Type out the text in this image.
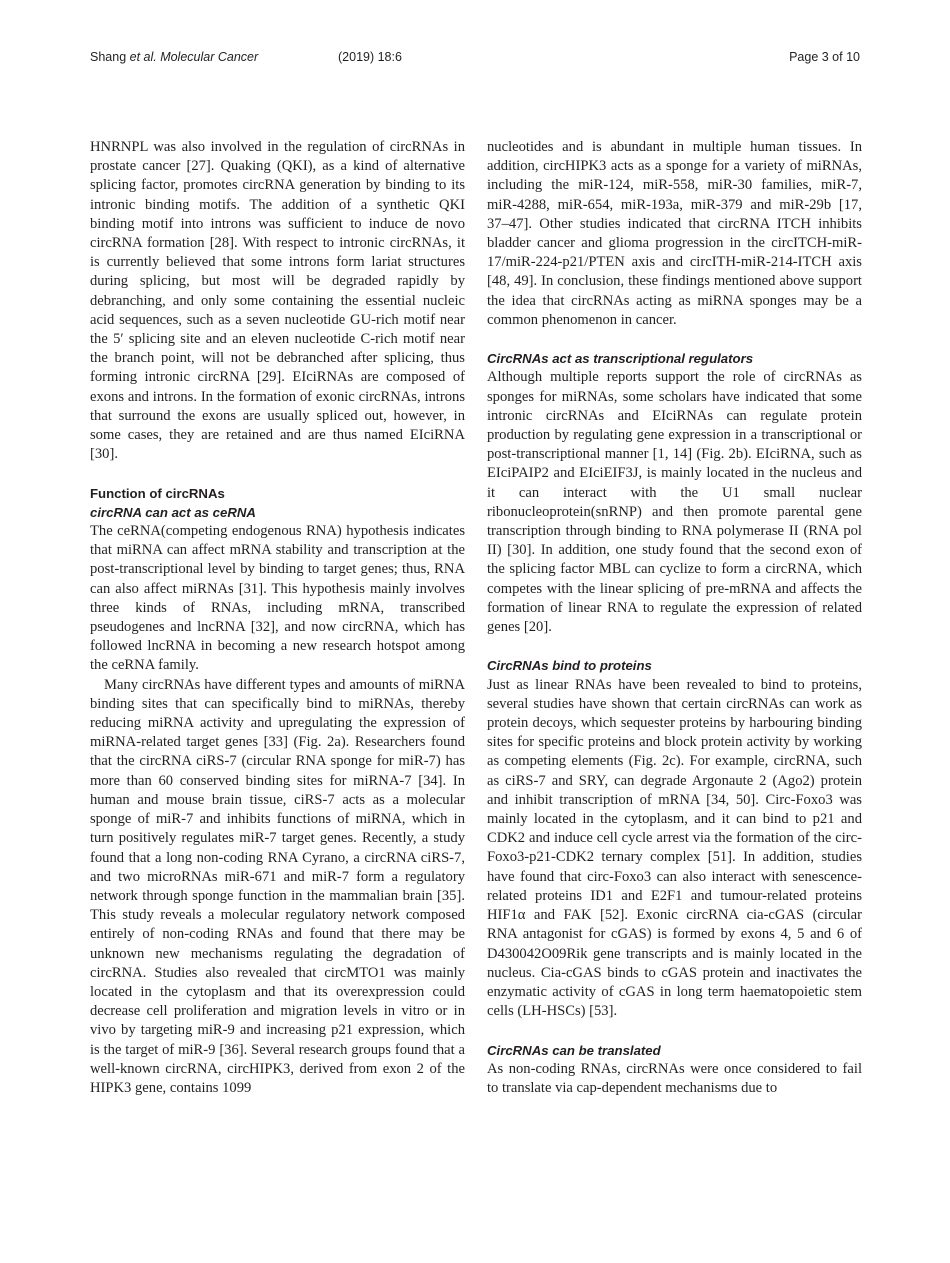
Shang et al. Molecular Cancer	(2019) 18:6	Page 3 of 10

HNRNPL was also involved in the regulation of circRNAs in prostate cancer [27]. Quaking (QKI), as a kind of alternative splicing factor, promotes circRNA generation by binding to its intronic binding motifs. The addition of a synthetic QKI binding motif into introns was sufficient to induce de novo circRNA formation [28]. With respect to intronic circRNAs, it is currently believed that some introns form lariat structures during splicing, but most will be degraded rapidly by debranching, and only some containing the essential nucleic acid sequences, such as a seven nucleotide GU-rich motif near the 5′ splicing site and an eleven nucleotide C-rich motif near the branch point, will not be debranched after splicing, thus forming intronic circRNA [29]. EIciRNAs are composed of exons and introns. In the formation of exonic circRNAs, introns that surround the exons are usually spliced out, however, in some cases, they are retained and are thus named EIciRNA [30].

Function of circRNAs
circRNA can act as ceRNA

The ceRNA(competing endogenous RNA) hypothesis indicates that miRNA can affect mRNA stability and transcription at the post-transcriptional level by binding to target genes; thus, RNA can also affect miRNAs [31]. This hypothesis mainly involves three kinds of RNAs, including mRNA, transcribed pseudogenes and lncRNA [32], and now circRNA, which has followed lncRNA in becoming a new research hotspot among the ceRNA family.

Many circRNAs have different types and amounts of miRNA binding sites that can specifically bind to miRNAs, thereby reducing miRNA activity and upregulating the expression of miRNA-related target genes [33] (Fig. 2a). Researchers found that the circRNA ciRS-7 (circular RNA sponge for miR-7) has more than 60 conserved binding sites for miRNA-7 [34]. In human and mouse brain tissue, ciRS-7 acts as a molecular sponge of miR-7 and inhibits functions of miRNA, which in turn positively regulates miR-7 target genes. Recently, a study found that a long non-coding RNA Cyrano, a circRNA ciRS-7, and two microRNAs miR-671 and miR-7 form a regulatory network through sponge function in the mammalian brain [35]. This study reveals a molecular regulatory network composed entirely of non-coding RNAs and found that there may be unknown new mechanisms regulating the degradation of circRNA. Studies also revealed that circMTO1 was mainly located in the cytoplasm and that its overexpression could decrease cell proliferation and migration levels in vitro or in vivo by targeting miR-9 and increasing p21 expression, which is the target of miR-9 [36]. Several research groups found that a well-known circRNA, circHIPK3, derived from exon 2 of the HIPK3 gene, contains 1099

nucleotides and is abundant in multiple human tissues. In addition, circHIPK3 acts as a sponge for a variety of miRNAs, including the miR-124, miR-558, miR-30 families, miR-7, miR-4288, miR-654, miR-193a, miR-379 and miR-29b [17, 37–47]. Other studies indicated that circRNA ITCH inhibits bladder cancer and glioma progression in the circITCH-miR-17/miR-224-p21/PTEN axis and circITH-miR-214-ITCH axis [48, 49]. In conclusion, these findings mentioned above support the idea that circRNAs acting as miRNA sponges may be a common phenomenon in cancer.

CircRNAs act as transcriptional regulators

Although multiple reports support the role of circRNAs as sponges for miRNAs, some scholars have indicated that some intronic circRNAs and EIciRNAs can regulate protein production by regulating gene expression in a transcriptional or post-transcriptional manner [1, 14] (Fig. 2b). EIciRNA, such as EIciPAIP2 and EIciEIF3J, is mainly located in the nucleus and it can interact with the U1 small nuclear ribonucleoprotein(snRNP) and then promote parental gene transcription through binding to RNA polymerase II (RNA pol II) [30]. In addition, one study found that the second exon of the splicing factor MBL can cyclize to form a circRNA, which competes with the linear splicing of pre-mRNA and affects the formation of linear RNA to regulate the expression of related genes [20].

CircRNAs bind to proteins

Just as linear RNAs have been revealed to bind to proteins, several studies have shown that certain circRNAs can work as protein decoys, which sequester proteins by harbouring binding sites for specific proteins and block protein activity by working as competing elements (Fig. 2c). For example, circRNA, such as ciRS-7 and SRY, can degrade Argonaute 2 (Ago2) protein and inhibit transcription of mRNA [34, 50]. Circ-Foxo3 was mainly located in the cytoplasm, and it can bind to p21 and CDK2 and induce cell cycle arrest via the formation of the circ-Foxo3-p21-CDK2 ternary complex [51]. In addition, studies have found that circ-Foxo3 can also interact with senescence-related proteins ID1 and E2F1 and tumour-related proteins HIF1α and FAK [52]. Exonic circRNA cia-cGAS (circular RNA antagonist for cGAS) is formed by exons 4, 5 and 6 of D430042O09Rik gene transcripts and is mainly located in the nucleus. Cia-cGAS binds to cGAS protein and inactivates the enzymatic activity of cGAS in long term haematopoietic stem cells (LH-HSCs) [53].

CircRNAs can be translated

As non-coding RNAs, circRNAs were once considered to fail to translate via cap-dependent mechanisms due to
